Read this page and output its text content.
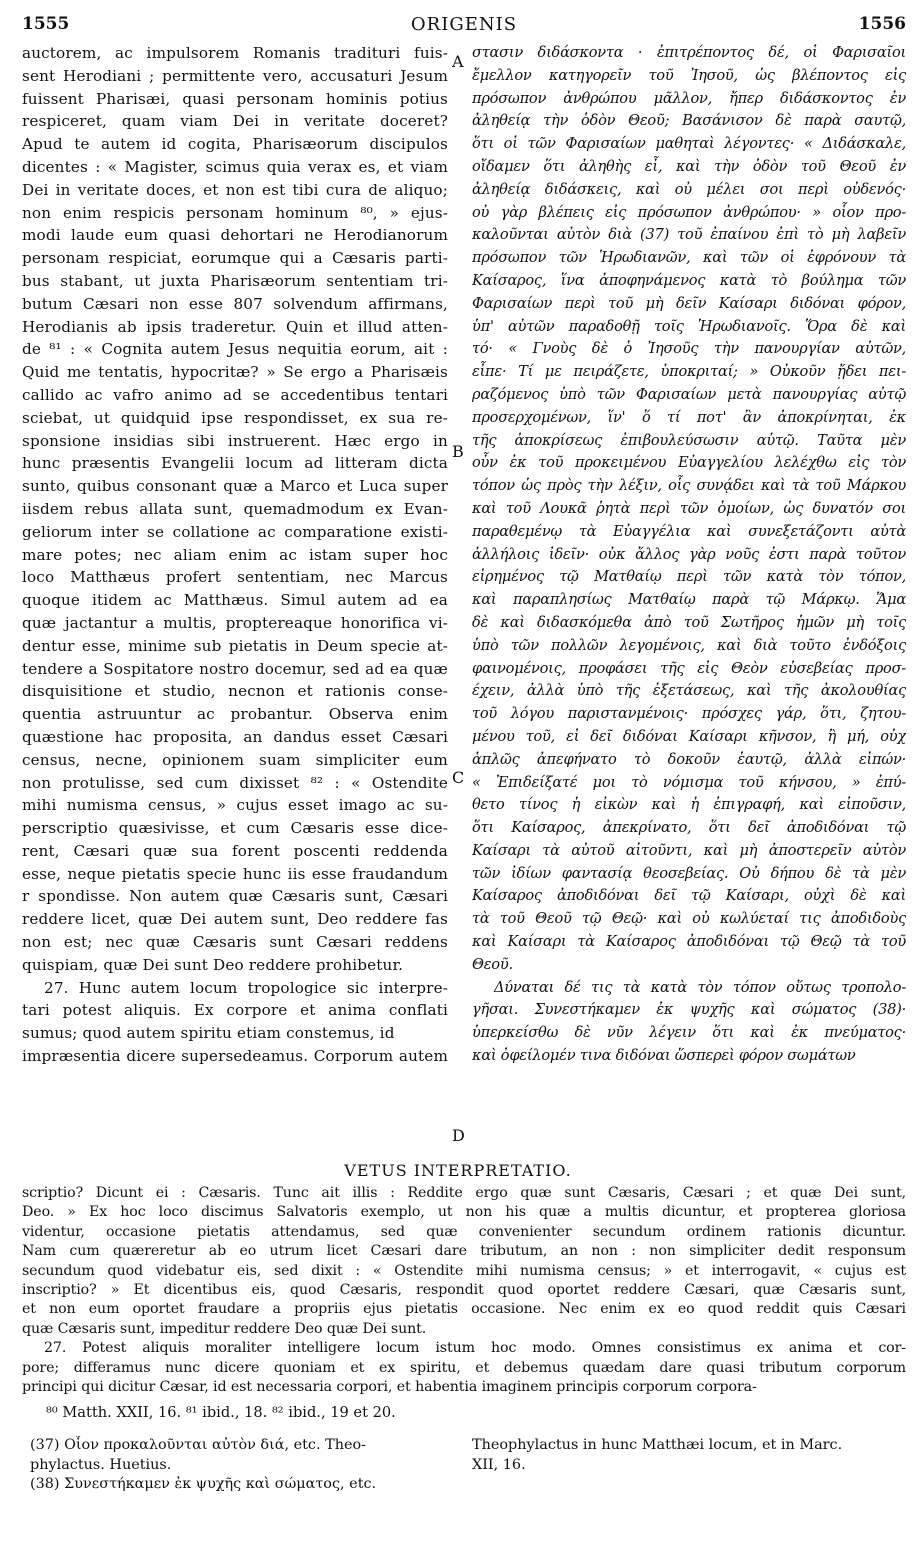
1555	ORIGENIS	1556
auctorem, ac impulsorem Romanis tradituri fuis-
sent Herodiani ; permittente vero, accusaturi Jesum
fuissent Pharisæi, quasi personam hominis potius
respiceret, quam viam Dei in veritate doceret?
Apud te autem id cogita, Pharisæorum discipulos
dicentes : « Magister, scimus quia verax es, et viam
Dei in veritate doces, et non est tibi cura de aliquo;
non enim respicis personam hominum ⁸⁰, » ejus-
modi laude eum quasi dehortari ne Herodianorum
personam respiciat, eorumque qui a Cæsaris parti-
bus stabant, ut juxta Pharisæorum sententiam tri-
butum Cæsari non esse 807 solvendum affirmans,
Herodianis ab ipsis traderetur. Quin et illud atten-
de ⁸¹ : « Cognita autem Jesus nequitia eorum, ait :
Quid me tentatis, hypocritæ? » Se ergo a Pharisæis
callido ac vafro animo ad se accedentibus tentari
sciebat, ut quidquid ipse respondisset, ex sua re-
sponsione insidias sibi instruerent. Hæc ergo in
hunc præsentis Evangelii locum ad litteram dicta
sunto, quibus consonant quæ a Marco et Luca super
iisdem rebus allata sunt, quemadmodum ex Evan-
geliorum inter se collatione ac comparatione existi-
mare potes; nec aliam enim ac istam super hoc
loco Matthæus profert sententiam, nec Marcus
quoque itidem ac Matthæus. Simul autem ad ea
quæ jactantur a multis, proptereaque honorifica vi-
dentur esse, minime sub pietatis in Deum specie at-
tendere a Sospitatore nostro docemur, sed ad ea quæ
disquisitione et studio, necnon et rationis conse-
quentia astruuntur ac probantur. Observa enim
quæstione hac proposita, an dandus esset Cæsari
census, necne, opinionem suam simpliciter eum
non protulisse, sed cum dixisset ⁸² : « Ostendite
mihi numisma census, » cujus esset imago ac su-
perscriptio quæsivisse, et cum Cæsaris esse dice-
rent, Cæsari quæ sua forent poscenti reddenda
esse, neque pietatis specie hunc iis esse fraudandum
r spondisse. Non autem quæ Cæsaris sunt, Cæsari
reddere licet, quæ Dei autem sunt, Deo reddere fas
non est; nec quæ Cæsaris sunt Cæsari reddens
quispiam, quæ Dei sunt Deo reddere prohibetur.
27. Hunc autem locum tropologice sic interpre-
tari potest aliquis. Ex corpore et anima conflati
sumus; quod autem spiritu etiam constemus, id
impræsentia dicere supersedeamus. Corporum autem
A
B
C
D
στασιν διδάσκοντα · ἐπιτρέποντος δέ, οἱ Φαρισαῖοι
ἔμελλον κατηγορεῖν τοῦ Ἰησοῦ, ὡς βλέποντος εἰς
πρόσωπον ἀνθρώπου μᾶλλον, ἤπερ διδάσκοντος ἐν
ἀληθείᾳ τὴν ὁδὸν Θεοῦ; Βασάνισον δὲ παρὰ σαυτῷ,
ὅτι οἱ τῶν Φαρισαίων μαθηταὶ λέγοντες· « Διδάσκαλε,
οἴδαμεν ὅτι ἀληθὴς εἶ, καὶ τὴν ὁδὸν τοῦ Θεοῦ ἐν
ἀληθείᾳ διδάσκεις, καὶ οὐ μέλει σοι περὶ οὐδενός·
οὐ γὰρ βλέπεις εἰς πρόσωπον ἀνθρώπου· » οἷον προ-
καλοῦνται αὐτὸν διὰ (37) τοῦ ἐπαίνου ἐπὶ τὸ μὴ λαβεῖν
πρόσωπον τῶν Ἡρωδιανῶν, καὶ τῶν οἱ ἐφρόνουν τὰ
Καίσαρος, ἵνα ἀποφηνάμενος κατὰ τὸ βούλημα τῶν
Φαρισαίων περὶ τοῦ μὴ δεῖν Καίσαρι διδόναι φόρον,
ὑπ' αὐτῶν παραδοθῇ τοῖς Ἡρωδιανοῖς. Ὅρα δὲ καὶ
τό· « Γνοὺς δὲ ὁ Ἰησοῦς τὴν πανουργίαν αὐτῶν,
εἶπε· Τί με πειράζετε, ὑποκριταί; » Οὐκοῦν ᾔδει πει-
ραζόμενος ὑπὸ τῶν Φαρισαίων μετὰ πανουργίας αὐτῷ
προσερχομένων, ἵν' ὅ τί ποτ' ἂν ἀποκρίνηται, ἐκ
τῆς ἀποκρίσεως ἐπιβουλεύσωσιν αὐτῷ. Ταῦτα μὲν
οὖν ἐκ τοῦ προκειμένου Εὐαγγελίου λελέχθω εἰς τὸν
τόπον ὡς πρὸς τὴν λέξιν, οἷς συνᾴδει καὶ τὰ τοῦ Μάρκου
καὶ τοῦ Λουκᾶ ῥητὰ περὶ τῶν ὁμοίων, ὡς δυνατόν σοι
παραθεμένῳ τὰ Εὐαγγέλια καὶ συνεξετάζοντι αὐτὰ
ἀλλήλοις ἰδεῖν· οὐκ ἄλλος γὰρ νοῦς ἐστι παρὰ τοῦτον
εἰρημένος τῷ Ματθαίῳ περὶ τῶν κατὰ τὸν τόπον,
καὶ παραπλησίως Ματθαίῳ παρὰ τῷ Μάρκῳ. Ἅμα
δὲ καὶ διδασκόμεθα ἀπὸ τοῦ Σωτῆρος ἡμῶν μὴ τοῖς
ὑπὸ τῶν πολλῶν λεγομένοις, καὶ διὰ τοῦτο ἐνδόξοις
φαινομένοις, προφάσει τῆς εἰς Θεὸν εὐσεβείας προσ-
έχειν, ἀλλὰ ὑπὸ τῆς ἐξετάσεως, καὶ τῆς ἀκολουθίας
τοῦ λόγου παριστανμένοις· πρόσχες γάρ, ὅτι, ζητου-
μένου τοῦ, εἰ δεῖ διδόναι Καίσαρι κῆνσον, ἢ μή, οὐχ
ἁπλῶς ἀπεφήνατο τὸ δοκοῦν ἑαυτῷ, ἀλλὰ εἰπών·
« Ἐπιδείξατέ μοι τὸ νόμισμα τοῦ κήνσου, » ἐπύ-
θετο τίνος ἡ εἰκὼν καὶ ἡ ἐπιγραφή, καὶ εἰποῦσιν,
ὅτι Καίσαρος, ἀπεκρίνατο, ὅτι δεῖ ἀποδιδόναι τῷ
Καίσαρι τὰ αὐτοῦ αἰτοῦντι, καὶ μὴ ἀποστερεῖν αὐτὸν
τῶν ἰδίων φαντασίᾳ θεοσεβείας. Οὐ δήπου δὲ τὰ μὲν
Καίσαρος ἀποδιδόναι δεῖ τῷ Καίσαρι, οὐχὶ δὲ καὶ
τὰ τοῦ Θεοῦ τῷ Θεῷ· καὶ οὐ κωλύεταί τις ἀποδιδοὺς
καὶ Καίσαρι τὰ Καίσαρος ἀποδιδόναι τῷ Θεῷ τὰ τοῦ
Θεοῦ.
Δύναται δέ τις τὰ κατὰ τὸν τόπον οὕτως τροπολο-
γῆσαι. Συνεστήκαμεν ἐκ ψυχῆς καὶ σώματος (38)·
ὑπερκείσθω δὲ νῦν λέγειν ὅτι καὶ ἐκ πνεύματος·
καὶ ὀφείλομέν τινα διδόναι ὥσπερεὶ φόρον σωμάτων
VETUS INTERPRETATIO.
scriptio? Dicunt ei : Cæsaris. Tunc ait illis : Reddite ergo quæ sunt Cæsaris, Cæsari ; et quæ Dei sunt,
Deo. » Ex hoc loco discimus Salvatoris exemplo, ut non his quæ a multis dicuntur, et propterea gloriosa
videntur, occasione pietatis attendamus, sed quæ convenienter secundum ordinem rationis dicuntur.
Nam cum quæreretur ab eo utrum licet Cæsari dare tributum, an non : non simpliciter dedit responsum
secundum quod videbatur eis, sed dixit : « Ostendite mihi numisma census; » et interrogavit, « cujus est
inscriptio? » Et dicentibus eis, quod Cæsaris, respondit quod oportet reddere Cæsari, quæ Cæsaris sunt,
et non eum oportet fraudare a propriis ejus pietatis occasione. Nec enim ex eo quod reddit quis Cæsari
quæ Cæsaris sunt, impeditur reddere Deo quæ Dei sunt.
27. Potest aliquis moraliter intelligere locum istum hoc modo. Omnes consistimus ex anima et cor-
pore; differamus nunc dicere quoniam et ex spiritu, et debemus quædam dare quasi tributum corporum
principi qui dicitur Cæsar, id est necessaria corpori, et habentia imaginem principis corporum corpora-
⁸⁰ Matth. XXII, 16. ⁸¹ ibid., 18. ⁸² ibid., 19 et 20.
(37) Οἷον προκαλοῦνται αὐτὸν διά, etc. Theo-
phylactus. Huetius.
(38) Συνεστήκαμεν ἐκ ψυχῆς καὶ σώματος, etc.
Theophylactus in hunc Matthæi locum, et in Marc.
XII, 16.
